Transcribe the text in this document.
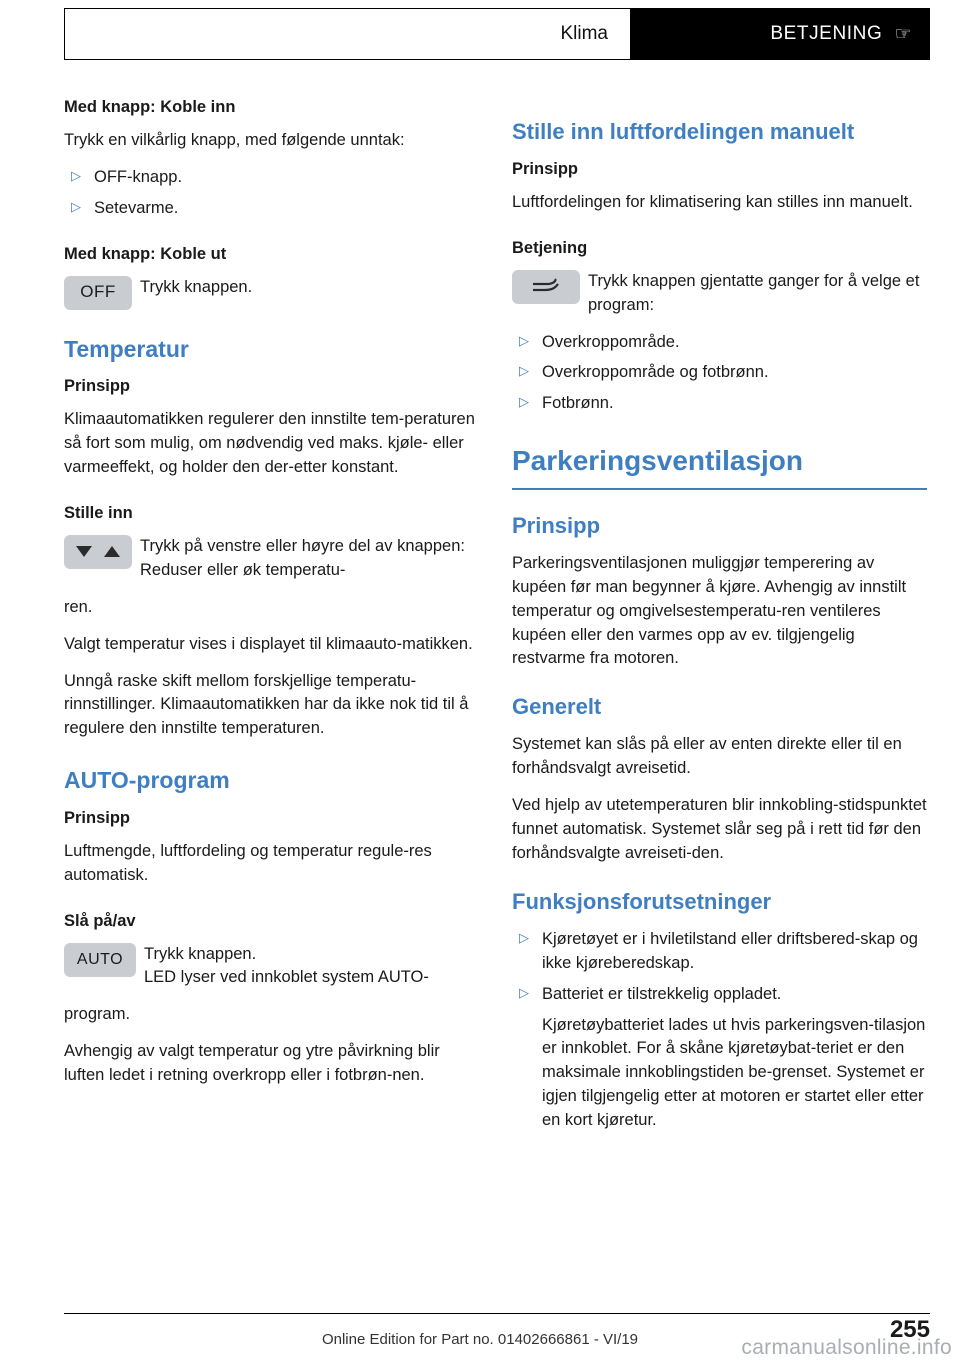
Klima	BETJENING ☜

Med knapp: Koble inn

Trykk en vilkårlig knapp, med følgende unntak:

▷ OFF-knapp.
▷ Setevarme.

Med knapp: Koble ut

OFF	Trykk knappen.
Temperatur

Prinsipp

Klimaautomatikken regulerer den innstilte tem-peraturen så fort som mulig, om nødvendig ved maks. kjøle- eller varmeeffekt, og holder den der-etter konstant.

Stille inn

Trykk på venstre eller høyre del av knappen: Reduser eller øk temperatu-

ren.

Valgt temperatur vises i displayet til klimaauto-matikken.

Unngå raske skift mellom forskjellige temperatu-rinnstillinger. Klimaautomatikken har da ikke nok tid til å regulere den innstilte temperaturen.

AUTO-program

Prinsipp

Luftmengde, luftfordeling og temperatur regule-res automatisk.

Slå på/av

AUTO	Trykk knappen.
LED lyser ved innkoblet system AUTO-

program.

Avhengig av valgt temperatur og ytre påvirkning blir luften ledet i retning overkropp eller i fotbrøn-nen.

Stille inn luftfordelingen manuelt

Prinsipp

Luftfordelingen for klimatisering kan stilles inn manuelt.

Betjening

Trykk knappen gjentatte ganger for å velge et program:
▷ Overkroppområde.
▷ Overkroppområde og fotbrønn.
▷ Fotbrønn.
Parkeringsventilasjon
Prinsipp

Parkeringsventilasjonen muliggjør temperering av kupéen før man begynner å kjøre. Avhengig av innstilt temperatur og omgivelsestemperatu-ren ventileres kupéen eller den varmes opp av ev. tilgjengelig restvarme fra motoren.

Generelt

Systemet kan slås på eller av enten direkte eller til en forhåndsvalgt avreisetid.

Ved hjelp av utetemperaturen blir innkobling-stidspunktet funnet automatisk. Systemet slår seg på i rett tid før den forhåndsvalgte avreiseti-den.

Funksjonsforutsetninger
▷ Kjøretøyet er i hviletilstand eller driftsbered-skap og ikke kjøreberedskap.
▷ Batteriet er tilstrekkelig oppladet.
Kjøretøybatteriet lades ut hvis parkeringsven-tilasjon er innkoblet. For å skåne kjøretøybat-teriet er den maksimale innkoblingstiden be-grenset. Systemet er igjen tilgjengelig etter at motoren er startet eller etter en kort kjøretur.
255
Online Edition for Part no. 01402666861 - VI/19	carmanualsonline.info
